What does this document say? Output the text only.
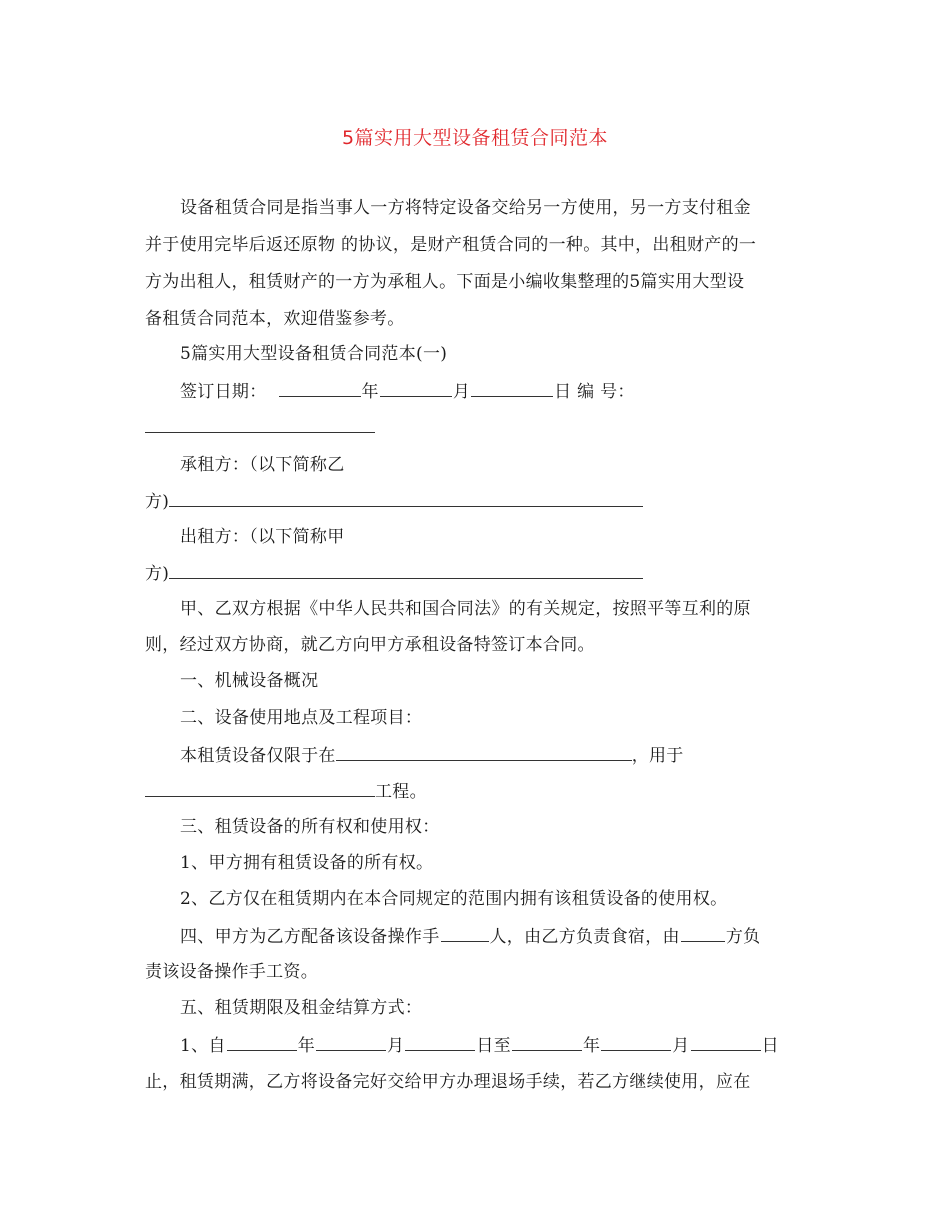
5篇实用大型设备租赁合同范本
设备租赁合同是指当事人一方将特定设备交给另一方使用，另一方支付租金
并于使用完毕后返还原物 的协议，是财产租赁合同的一种。其中，出租财产的一
方为出租人，租赁财产的一方为承租人。下面是小编收集整理的5篇实用大型设
备租赁合同范本，欢迎借鉴参考。
5篇实用大型设备租赁合同范本(一)
签订日期：	年	月	日 编 号：
承租方：（以下简称乙
方)
出租方：（以下简称甲
方)
甲、乙双方根据《中华人民共和国合同法》的有关规定，按照平等互利的原
则，经过双方协商，就乙方向甲方承租设备特签订本合同。
一、机械设备概况
二、设备使用地点及工程项目：
本租赁设备仅限于在	，用于
工程。
三、租赁设备的所有权和使用权：
1、甲方拥有租赁设备的所有权。
2、乙方仅在租赁期内在本合同规定的范围内拥有该租赁设备的使用权。
四、甲方为乙方配备该设备操作手	人，由乙方负责食宿，由	方负
责该设备操作手工资。
五、租赁期限及租金结算方式：
1、自	年	月	日至	年	月	日
止，租赁期满，乙方将设备完好交给甲方办理退场手续，若乙方继续使用，应在
